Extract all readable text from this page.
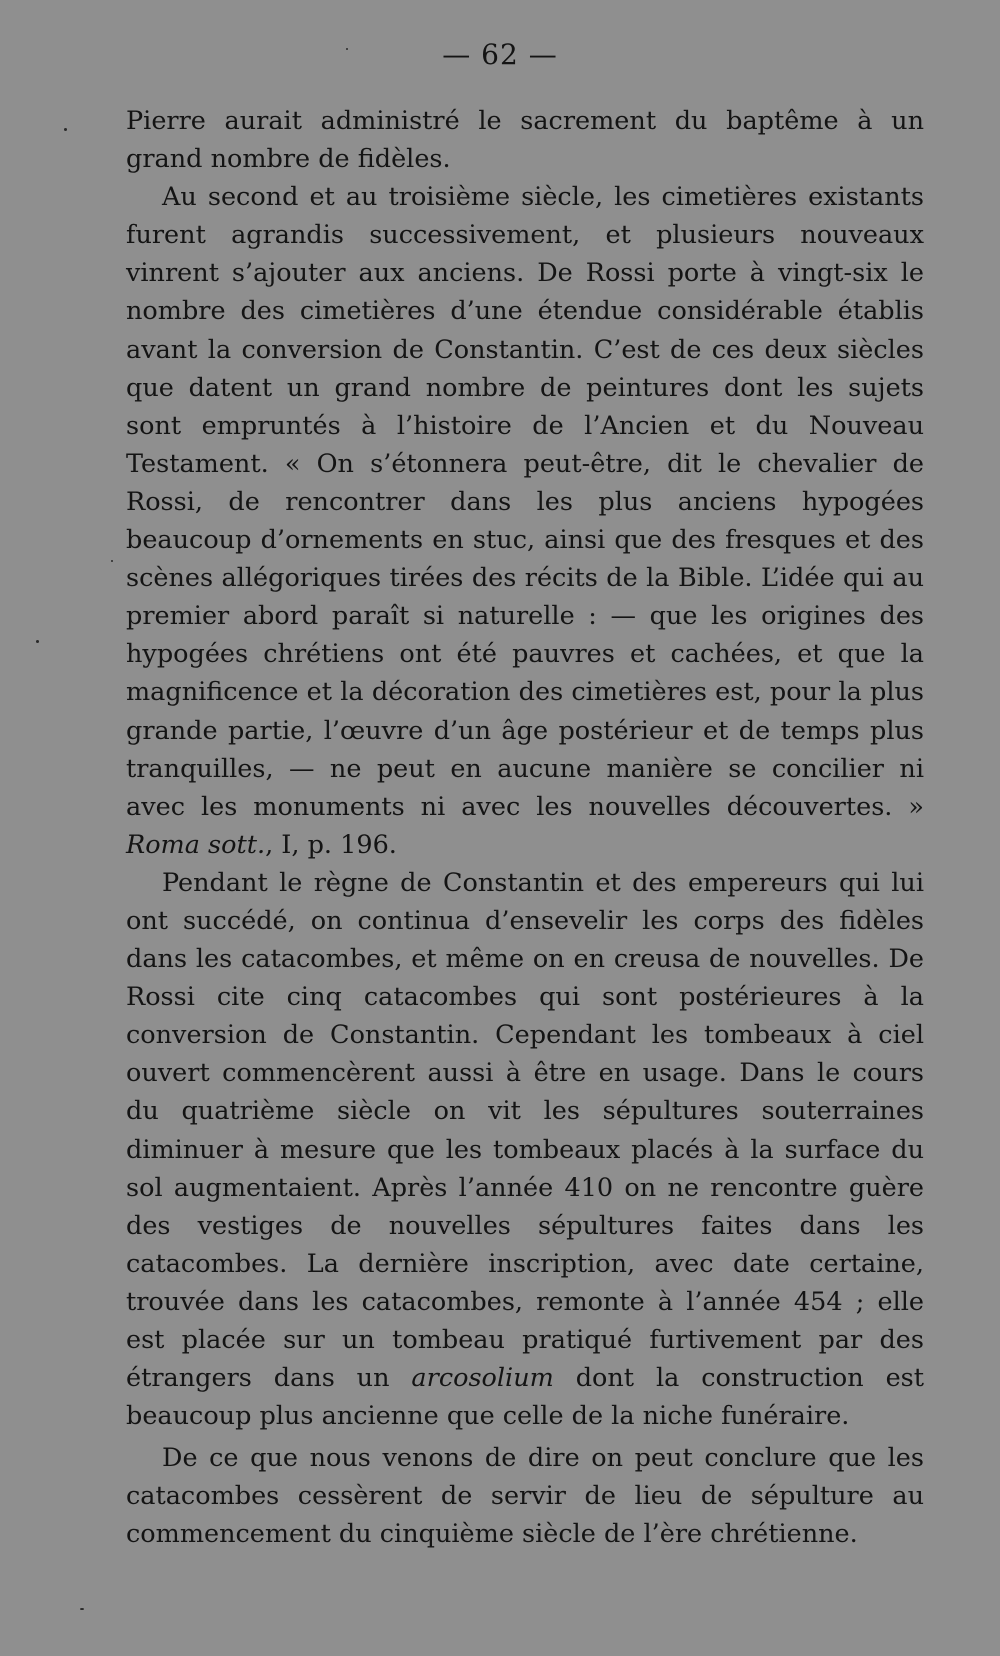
— 62 —

Pierre aurait administré le sacrement du baptême à un grand nombre de fidèles.

Au second et au troisième siècle, les cimetières existants furent agrandis successivement, et plusieurs nouveaux vinrent s’ajouter aux anciens. De Rossi porte à vingt-six le nombre des cimetières d’une étendue considérable établis avant la conversion de Constantin. C’est de ces deux siècles que datent un grand nombre de peintures dont les sujets sont empruntés à l’histoire de l’Ancien et du Nouveau Testament. « On s’étonnera peut-être, dit le chevalier de Rossi, de rencontrer dans les plus anciens hypogées beaucoup d’ornements en stuc, ainsi que des fresques et des scènes allégoriques tirées des récits de la Bible. L’idée qui au premier abord paraît si naturelle : — que les origines des hypogées chrétiens ont été pauvres et cachées, et que la magnificence et la décoration des cimetières est, pour la plus grande partie, l’œuvre d’un âge postérieur et de temps plus tranquilles, — ne peut en aucune manière se concilier ni avec les monuments ni avec les nouvelles découvertes. » Roma sott., I, p. 196.

Pendant le règne de Constantin et des empereurs qui lui ont succédé, on continua d’ensevelir les corps des fidèles dans les catacombes, et même on en creusa de nouvelles. De Rossi cite cinq catacombes qui sont postérieures à la conversion de Constantin. Cependant les tombeaux à ciel ouvert commencèrent aussi à être en usage. Dans le cours du quatrième siècle on vit les sépultures souterraines diminuer à mesure que les tombeaux placés à la surface du sol augmentaient. Après l’année 410 on ne rencontre guère des vestiges de nouvelles sépultures faites dans les catacombes. La dernière inscription, avec date certaine, trouvée dans les catacombes, remonte à l’année 454 ; elle est placée sur un tombeau pratiqué furtivement par des étrangers dans un arcosolium dont la construction est beaucoup plus ancienne que celle de la niche funéraire.

De ce que nous venons de dire on peut conclure que les catacombes cessèrent de servir de lieu de sépulture au commencement du cinquième siècle de l’ère chrétienne.
